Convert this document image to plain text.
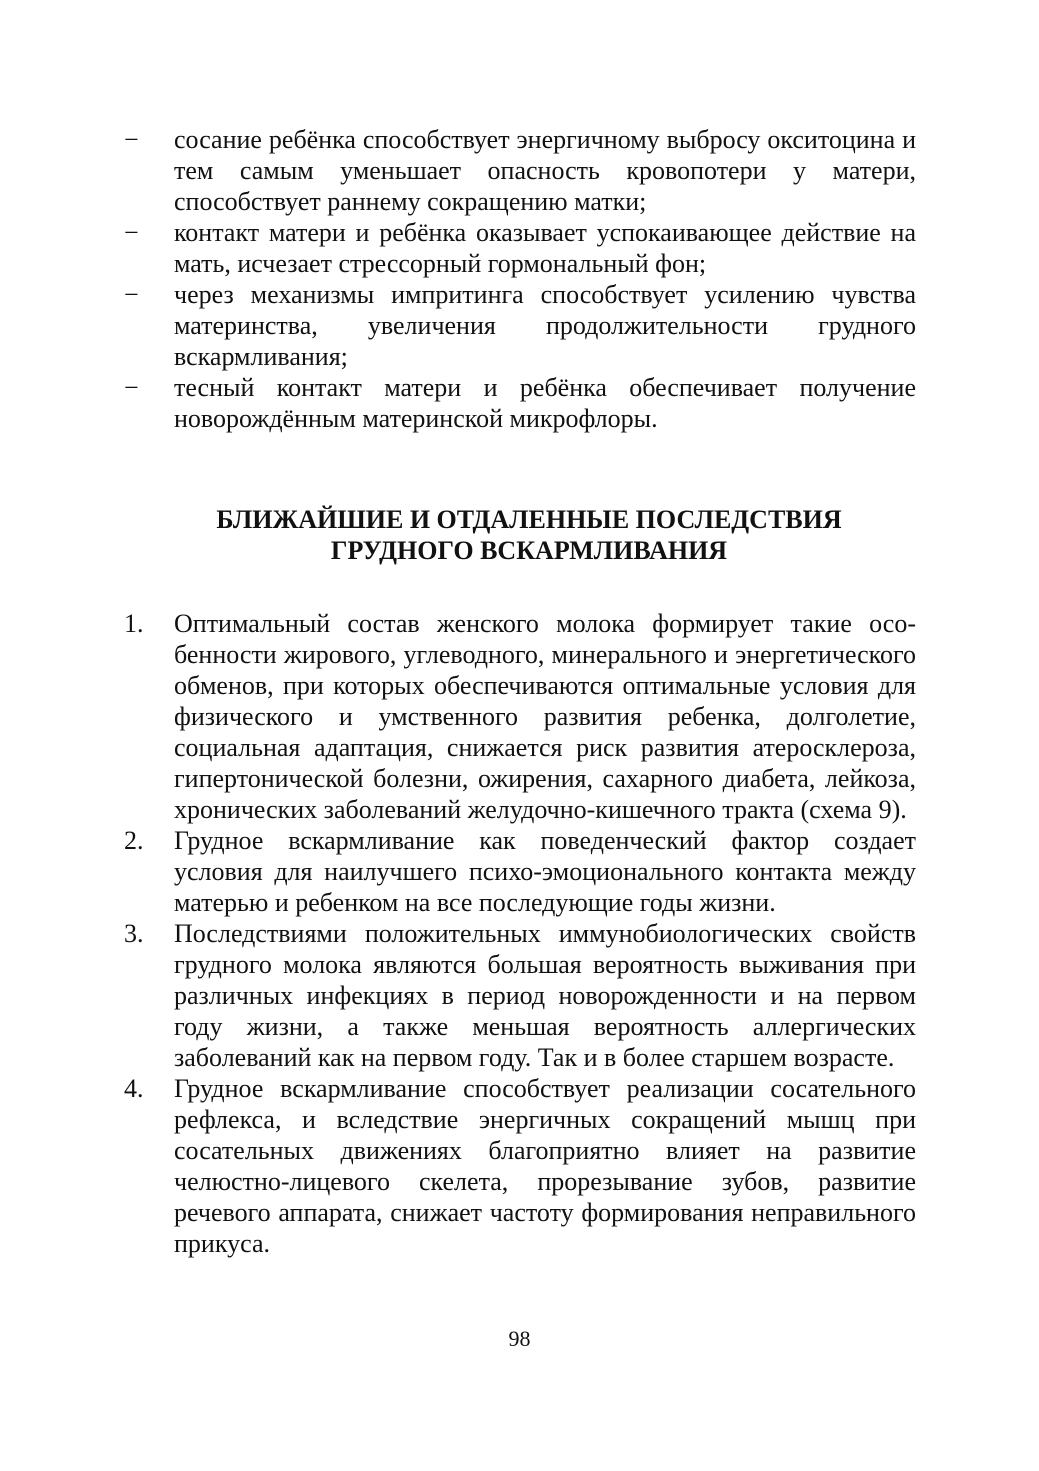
−	сосание ребёнка способствует энергичному выбросу окситоцина и тем самым уменьшает опасность кровопотери у матери, способствует раннему сокращению матки;
−	контакт матери и ребёнка оказывает успокаивающее действие на мать, исчезает стрессорный гормональный фон;
−	через механизмы импритинга способствует усилению чувства материнства, увеличения продолжительности грудного вскармливания;
−	тесный контакт матери и ребёнка обеспечивает получение новорождённым материнской микрофлоры.
БЛИЖАЙШИЕ И ОТДАЛЕННЫЕ ПОСЛЕДСТВИЯ
ГРУДНОГО ВСКАРМЛИВАНИЯ
1.	Оптимальный состав женского молока формирует такие особенности жирового, углеводного, минерального и энергетического обменов, при которых обеспечиваются оптимальные условия для физического и умственного развития ребенка, долголетие, социальная адаптация, снижается риск развития атеросклероза, гипертонической болезни, ожирения, сахарного диабета, лейкоза, хронических заболеваний желудочно-кишечного тракта (схема 9).
2.	Грудное вскармливание как поведенческий фактор создает условия для наилучшего психо-эмоционального контакта между матерью и ребенком на все последующие годы жизни.
3.	Последствиями положительных иммунобиологических свойств грудного молока являются большая вероятность выживания при различных инфекциях в период новорожденности и на первом году жизни, а также меньшая вероятность аллергических заболеваний как на первом году. Так и в более старшем возрасте.
4.	Грудное вскармливание способствует реализации сосательного рефлекса, и вследствие энергичных сокращений мышц при сосательных движениях благоприятно влияет на развитие челюстно-лицевого скелета, прорезывание зубов, развитие речевого аппарата, снижает частоту формирования неправильного прикуса.
98
